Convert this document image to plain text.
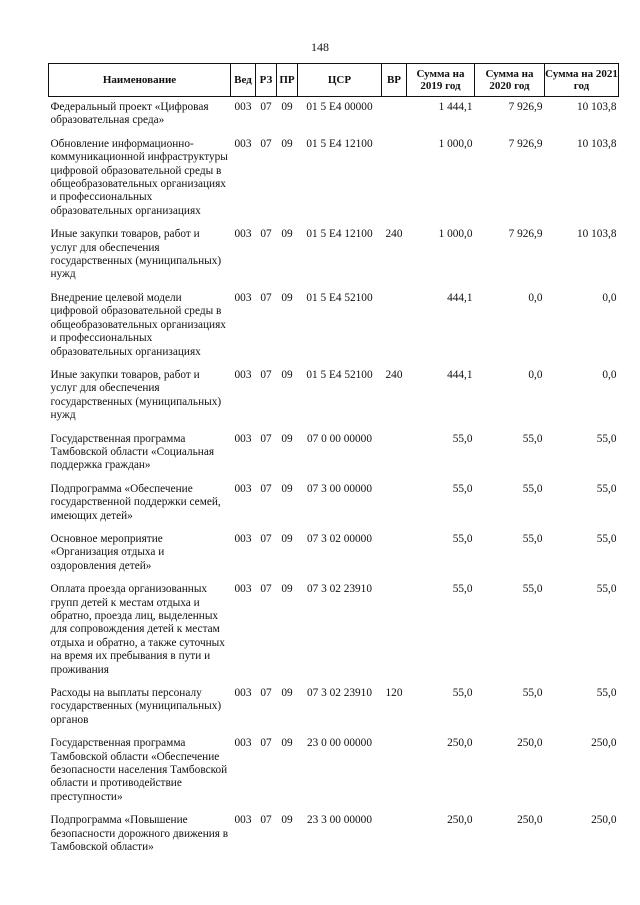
148
Наименование	Вед	РЗ	ПР	ЦСР	ВР	Сумма на 2019 год	Сумма на 2020 год	Сумма на 2021 год
Федеральный проект «Цифровая образовательная среда»	003	07	09	01 5 E4 00000		1 444,1	7 926,9	10 103,8
Обновление информационно-коммуникационной инфраструктуры цифровой образовательной среды в общеобразовательных организациях и профессиональных образовательных организациях	003	07	09	01 5 E4 12100		1 000,0	7 926,9	10 103,8
Иные закупки товаров, работ и услуг для обеспечения государственных (муниципальных) нужд	003	07	09	01 5 E4 12100	240	1 000,0	7 926,9	10 103,8
Внедрение целевой модели цифровой образовательной среды в общеобразовательных организациях и профессиональных образовательных организациях	003	07	09	01 5 E4 52100		444,1	0,0	0,0
Иные закупки товаров, работ и услуг для обеспечения государственных (муниципальных) нужд	003	07	09	01 5 E4 52100	240	444,1	0,0	0,0
Государственная программа Тамбовской области «Социальная поддержка граждан»	003	07	09	07 0 00 00000		55,0	55,0	55,0
Подпрограмма «Обеспечение государственной поддержки семей, имеющих детей»	003	07	09	07 3 00 00000		55,0	55,0	55,0
Основное мероприятие «Организация отдыха и оздоровления детей»	003	07	09	07 3 02 00000		55,0	55,0	55,0
Оплата проезда организованных групп детей к местам отдыха и обратно, проезда лиц, выделенных для сопровождения детей к местам отдыха и обратно, а также суточных на время их пребывания в пути и проживания	003	07	09	07 3 02 23910		55,0	55,0	55,0
Расходы на выплаты персоналу государственных (муниципальных) органов	003	07	09	07 3 02 23910	120	55,0	55,0	55,0
Государственная программа Тамбовской области «Обеспечение безопасности населения Тамбовской области и противодействие преступности»	003	07	09	23 0 00 00000		250,0	250,0	250,0
Подпрограмма «Повышение безопасности дорожного движения в Тамбовской области»	003	07	09	23 3 00 00000		250,0	250,0	250,0
